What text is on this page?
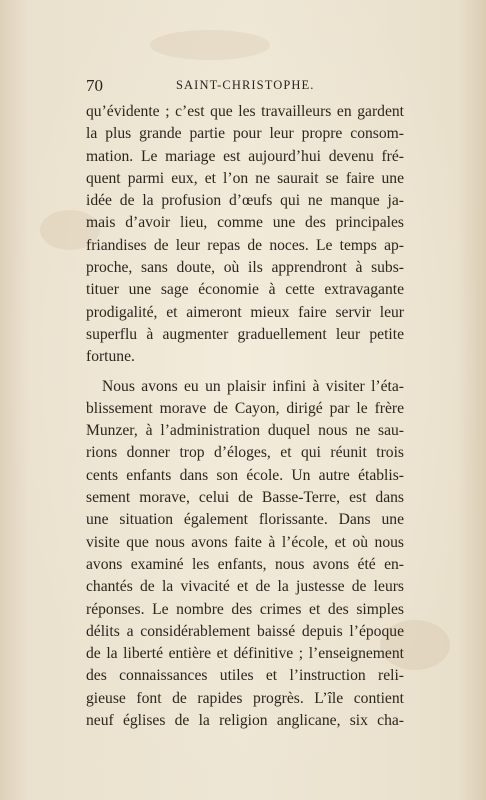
70	SAINT-CHRISTOPHE.
qu’évidente ; c’est que les travailleurs en gardent
la plus grande partie pour leur propre consom-
mation. Le mariage est aujourd’hui devenu fré-
quent parmi eux, et l’on ne saurait se faire une
idée de la profusion d’œufs qui ne manque ja-
mais d’avoir lieu, comme une des principales
friandises de leur repas de noces. Le temps ap-
proche, sans doute, où ils apprendront à subs-
tituer une sage économie à cette extravagante
prodigalité, et aimeront mieux faire servir leur
superflu à augmenter graduellement leur petite
fortune.
Nous avons eu un plaisir infini à visiter l’éta-
blissement morave de Cayon, dirigé par le frère
Munzer, à l’administration duquel nous ne sau-
rions donner trop d’éloges, et qui réunit trois
cents enfants dans son école. Un autre établis-
sement morave, celui de Basse-Terre, est dans
une situation également florissante. Dans une
visite que nous avons faite à l’école, et où nous
avons examiné les enfants, nous avons été en-
chantés de la vivacité et de la justesse de leurs
réponses. Le nombre des crimes et des simples
délits a considérablement baissé depuis l’époque
de la liberté entière et définitive ; l’enseignement
des connaissances utiles et l’instruction reli-
gieuse font de rapides progrès. L’île contient
neuf églises de la religion anglicane, six cha-
